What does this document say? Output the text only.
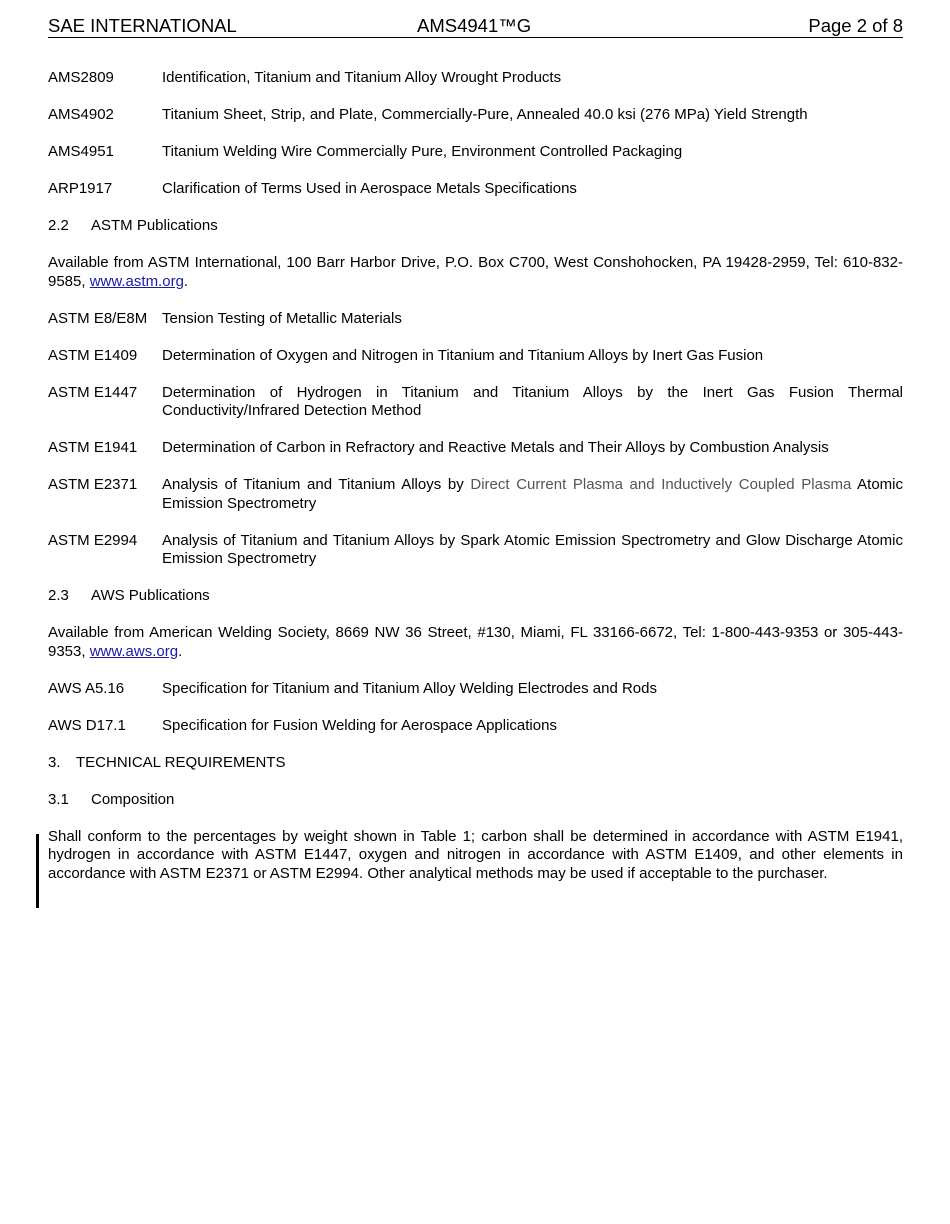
SAE INTERNATIONAL	AMS4941™G	Page 2 of 8
AMS2809	Identification, Titanium and Titanium Alloy Wrought Products
AMS4902	Titanium Sheet, Strip, and Plate, Commercially-Pure, Annealed 40.0 ksi (276 MPa) Yield Strength
AMS4951	Titanium Welding Wire Commercially Pure, Environment Controlled Packaging
ARP1917	Clarification of Terms Used in Aerospace Metals Specifications
2.2 ASTM Publications
Available from ASTM International, 100 Barr Harbor Drive, P.O. Box C700, West Conshohocken, PA 19428-2959, Tel: 610-832-9585, www.astm.org.
ASTM E8/E8M Tension Testing of Metallic Materials
ASTM E1409	Determination of Oxygen and Nitrogen in Titanium and Titanium Alloys by Inert Gas Fusion
ASTM E1447	Determination of Hydrogen in Titanium and Titanium Alloys by the Inert Gas Fusion Thermal Conductivity/Infrared Detection Method
ASTM E1941	Determination of Carbon in Refractory and Reactive Metals and Their Alloys by Combustion Analysis
ASTM E2371	Analysis of Titanium and Titanium Alloys by Direct Current Plasma and Inductively Coupled Plasma Atomic Emission Spectrometry
ASTM E2994	Analysis of Titanium and Titanium Alloys by Spark Atomic Emission Spectrometry and Glow Discharge Atomic Emission Spectrometry
2.3 AWS Publications
Available from American Welding Society, 8669 NW 36 Street, #130, Miami, FL 33166-6672, Tel: 1-800-443-9353 or 305-443-9353, www.aws.org.
AWS A5.16	Specification for Titanium and Titanium Alloy Welding Electrodes and Rods
AWS D17.1	Specification for Fusion Welding for Aerospace Applications
3. TECHNICAL REQUIREMENTS
3.1 Composition
Shall conform to the percentages by weight shown in Table 1; carbon shall be determined in accordance with ASTM E1941, hydrogen in accordance with ASTM E1447, oxygen and nitrogen in accordance with ASTM E1409, and other elements in accordance with ASTM E2371 or ASTM E2994. Other analytical methods may be used if acceptable to the purchaser.
